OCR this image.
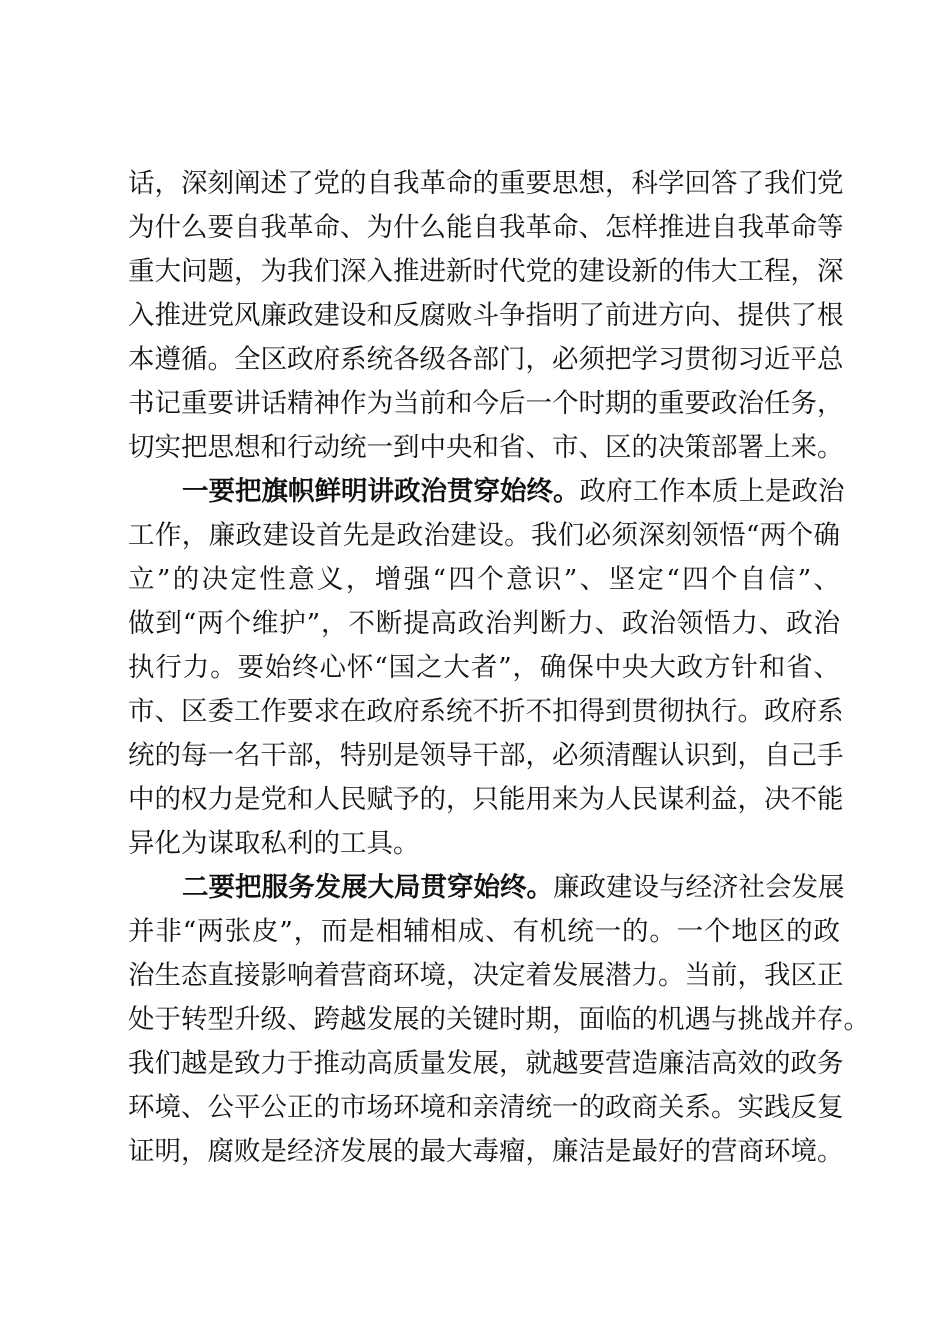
话，深刻阐述了党的自我革命的重要思想，科学回答了我们党
为什么要自我革命、为什么能自我革命、怎样推进自我革命等
重大问题，为我们深入推进新时代党的建设新的伟大工程，深
入推进党风廉政建设和反腐败斗争指明了前进方向、提供了根
本遵循。全区政府系统各级各部门，必须把学习贯彻习近平总
书记重要讲话精神作为当前和今后一个时期的重要政治任务，
切实把思想和行动统一到中央和省、市、区的决策部署上来。
一要把旗帜鲜明讲政治贯穿始终。政府工作本质上是政治
工作，廉政建设首先是政治建设。我们必须深刻领悟“两个确
立”的决定性意义，增强“四个意识”、坚定“四个自信”、
做到“两个维护”，不断提高政治判断力、政治领悟力、政治
执行力。要始终心怀“国之大者”，确保中央大政方针和省、
市、区委工作要求在政府系统不折不扣得到贯彻执行。政府系
统的每一名干部，特别是领导干部，必须清醒认识到，自己手
中的权力是党和人民赋予的，只能用来为人民谋利益，决不能
异化为谋取私利的工具。
二要把服务发展大局贯穿始终。廉政建设与经济社会发展
并非“两张皮”，而是相辅相成、有机统一的。一个地区的政
治生态直接影响着营商环境，决定着发展潜力。当前，我区正
处于转型升级、跨越发展的关键时期，面临的机遇与挑战并存。
我们越是致力于推动高质量发展，就越要营造廉洁高效的政务
环境、公平公正的市场环境和亲清统一的政商关系。实践反复
证明，腐败是经济发展的最大毒瘤，廉洁是最好的营商环境。
